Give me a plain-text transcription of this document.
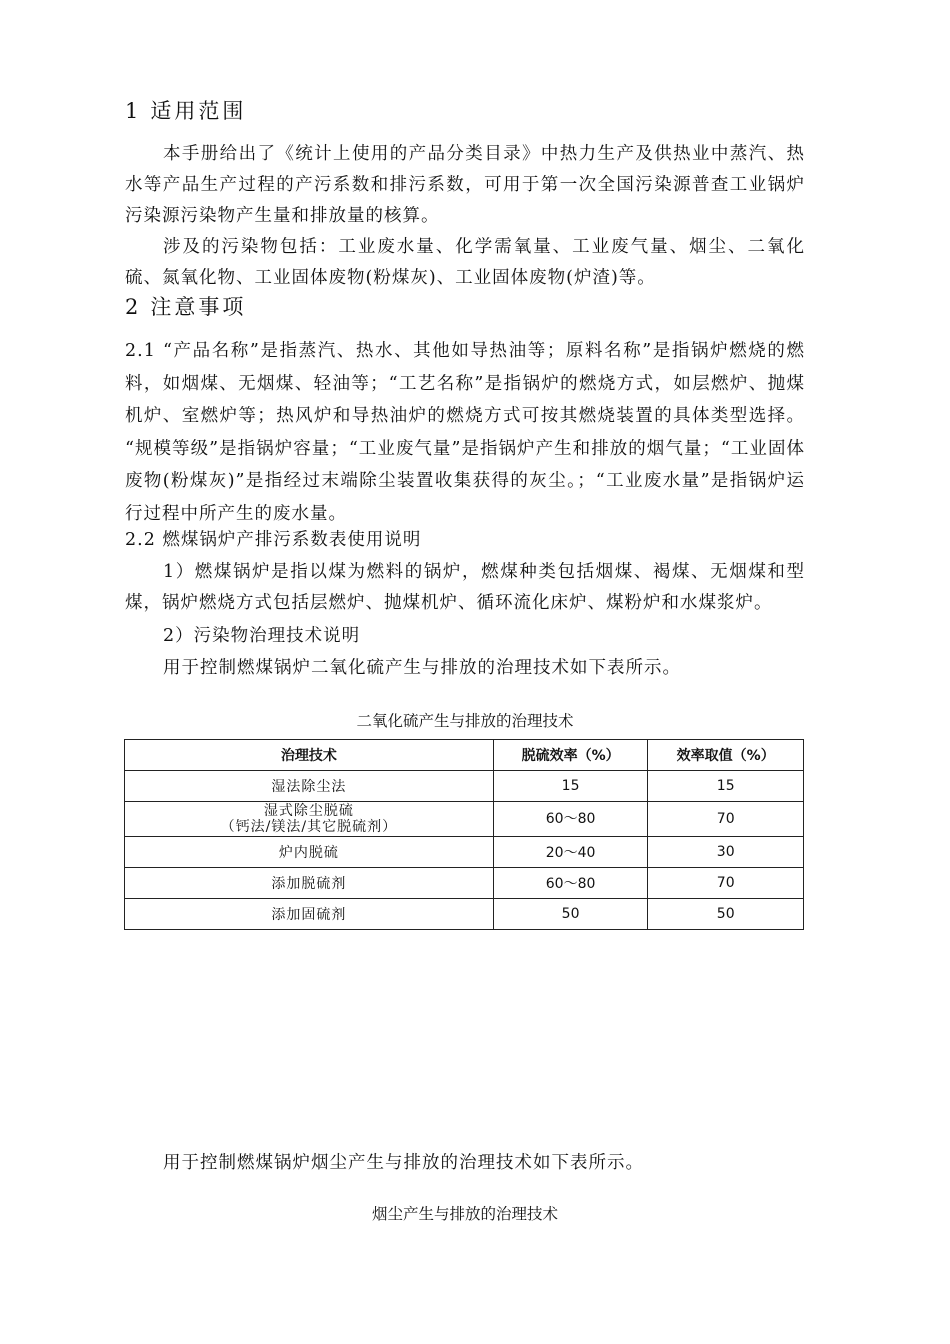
1 适用范围
本手册给出了《统计上使用的产品分类目录》中热力生产及供热业中蒸汽、热水等产品生产过程的产污系数和排污系数，可用于第一次全国污染源普查工业锅炉污染源污染物产生量和排放量的核算。
涉及的污染物包括：工业废水量、化学需氧量、工业废气量、烟尘、二氧化硫、氮氧化物、工业固体废物(粉煤灰)、工业固体废物(炉渣)等。
2 注意事项
2.1 “产品名称”是指蒸汽、热水、其他如导热油等；原料名称”是指锅炉燃烧的燃料，如烟煤、无烟煤、轻油等；“工艺名称”是指锅炉的燃烧方式，如层燃炉、抛煤机炉、室燃炉等；热风炉和导热油炉的燃烧方式可按其燃烧装置的具体类型选择。 “规模等级”是指锅炉容量；“工业废气量”是指锅炉产生和排放的烟气量；“工业固体废物(粉煤灰)”是指经过末端除尘装置收集获得的灰尘。；“工业废水量”是指锅炉运行过程中所产生的废水量。
2.2 燃煤锅炉产排污系数表使用说明
1）燃煤锅炉是指以煤为燃料的锅炉，燃煤种类包括烟煤、褐煤、无烟煤和型煤，锅炉燃烧方式包括层燃炉、抛煤机炉、循环流化床炉、煤粉炉和水煤浆炉。
2）污染物治理技术说明
用于控制燃煤锅炉二氧化硫产生与排放的治理技术如下表所示。
二氧化硫产生与排放的治理技术
治理技术	脱硫效率（%）	效率取值（%）
湿法除尘法	15	15

湿式除尘脱硫
（钙法/镁法/其它脱硫剂）	60～80	70
炉内脱硫	20～40	30
添加脱硫剂	60～80	70
添加固硫剂	50	50
用于控制燃煤锅炉烟尘产生与排放的治理技术如下表所示。
烟尘产生与排放的治理技术
